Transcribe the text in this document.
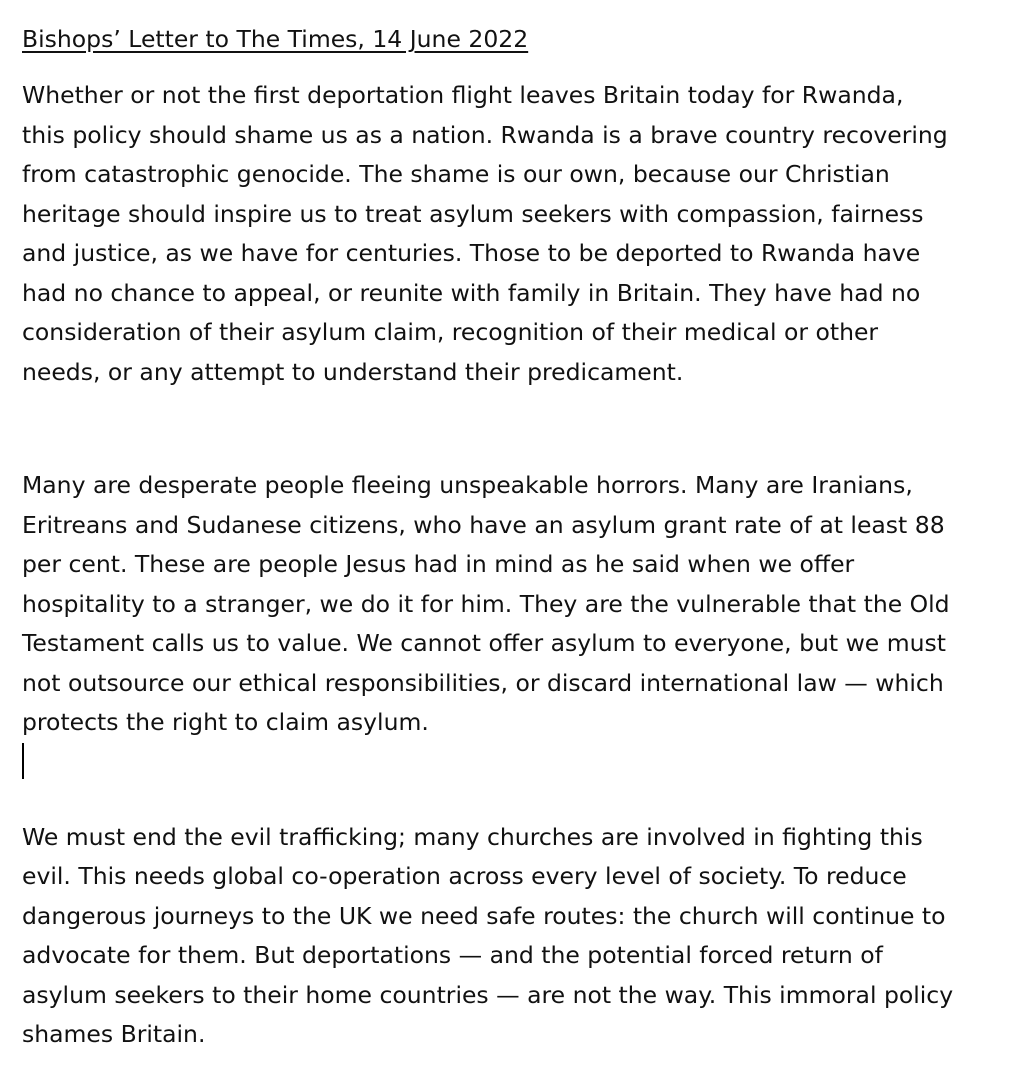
Bishops’ Letter to The Times, 14 June 2022

Whether or not the first deportation flight leaves Britain today for Rwanda,
this policy should shame us as a nation. Rwanda is a brave country recovering
from catastrophic genocide. The shame is our own, because our Christian
heritage should inspire us to treat asylum seekers with compassion, fairness
and justice, as we have for centuries. Those to be deported to Rwanda have
had no chance to appeal, or reunite with family in Britain. They have had no
consideration of their asylum claim, recognition of their medical or other
needs, or any attempt to understand their predicament.

Many are desperate people fleeing unspeakable horrors. Many are Iranians,
Eritreans and Sudanese citizens, who have an asylum grant rate of at least 88
per cent. These are people Jesus had in mind as he said when we offer
hospitality to a stranger, we do it for him. They are the vulnerable that the Old
Testament calls us to value. We cannot offer asylum to everyone, but we must
not outsource our ethical responsibilities, or discard international law — which
protects the right to claim asylum.

We must end the evil trafficking; many churches are involved in fighting this
evil. This needs global co-operation across every level of society. To reduce
dangerous journeys to the UK we need safe routes: the church will continue to
advocate for them. But deportations — and the potential forced return of
asylum seekers to their home countries — are not the way. This immoral policy
shames Britain.
